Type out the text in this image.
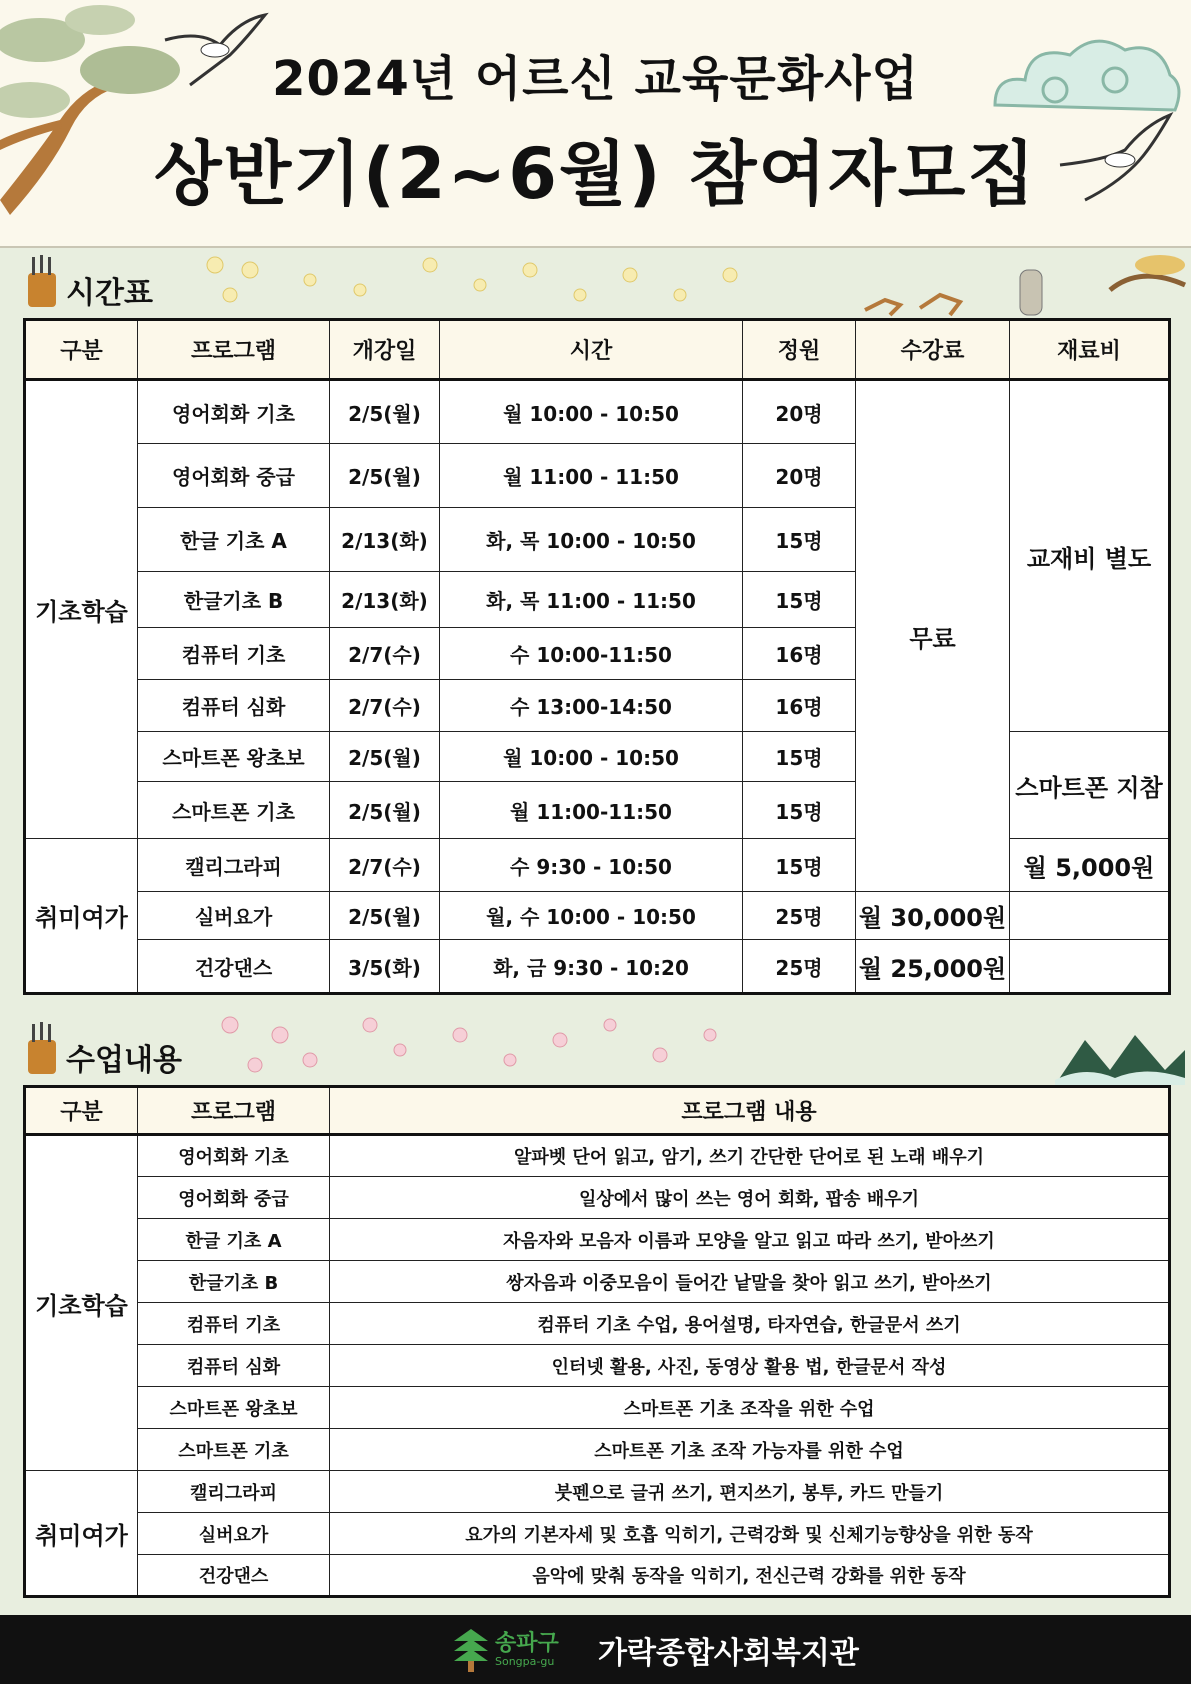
2024년 어르신 교육문화사업
상반기(2~6월) 참여자모집
시간표
구분	프로그램	개강일	시간	정원	수강료	재료비
기초학습	영어회화 기초	2/5(월)	월 10:00 - 10:50	20명	무료	교재비 별도
	영어회화 중급	2/5(월)	월 11:00 - 11:50	20명		
	한글 기초 A	2/13(화)	화, 목 10:00 - 10:50	15명		
	한글기초 B	2/13(화)	화, 목 11:00 - 11:50	15명		
	컴퓨터 기초	2/7(수)	수 10:00-11:50	16명		
	컴퓨터 심화	2/7(수)	수 13:00-14:50	16명		
	스마트폰 왕초보	2/5(월)	월 10:00 - 10:50	15명		스마트폰 지참
	스마트폰 기초	2/5(월)	월 11:00-11:50	15명		
취미여가	캘리그라피	2/7(수)	수 9:30 - 10:50	15명		월 5,000원
	실버요가	2/5(월)	월, 수 10:00 - 10:50	25명	월 30,000원	
	건강댄스	3/5(화)	화, 금 9:30 - 10:20	25명	월 25,000원	
수업내용
구분	프로그램	프로그램 내용
기초학습	영어회화 기초	알파벳 단어 읽고, 암기, 쓰기 간단한 단어로 된 노래 배우기
	영어회화 중급	일상에서 많이 쓰는 영어 회화, 팝송 배우기
	한글 기초 A	자음자와 모음자 이름과 모양을 알고 읽고 따라 쓰기, 받아쓰기
	한글기초 B	쌍자음과 이중모음이 들어간 낱말을 찾아 읽고 쓰기, 받아쓰기
	컴퓨터 기초	컴퓨터 기초 수업, 용어설명, 타자연습, 한글문서 쓰기
	컴퓨터 심화	인터넷 활용, 사진, 동영상 활용 법, 한글문서 작성
	스마트폰 왕초보	스마트폰 기초 조작을 위한 수업
	스마트폰 기초	스마트폰 기초 조작 가능자를 위한 수업
취미여가	캘리그라피	붓펜으로 글귀 쓰기, 편지쓰기, 봉투, 카드 만들기
	실버요가	요가의 기본자세 및 호흡 익히기, 근력강화 및 신체기능향상을 위한 동작
	건강댄스	음악에 맞춰 동작을 익히기, 전신근력 강화를 위한 동작
송파구
Songpa-gu 가락종합사회복지관
